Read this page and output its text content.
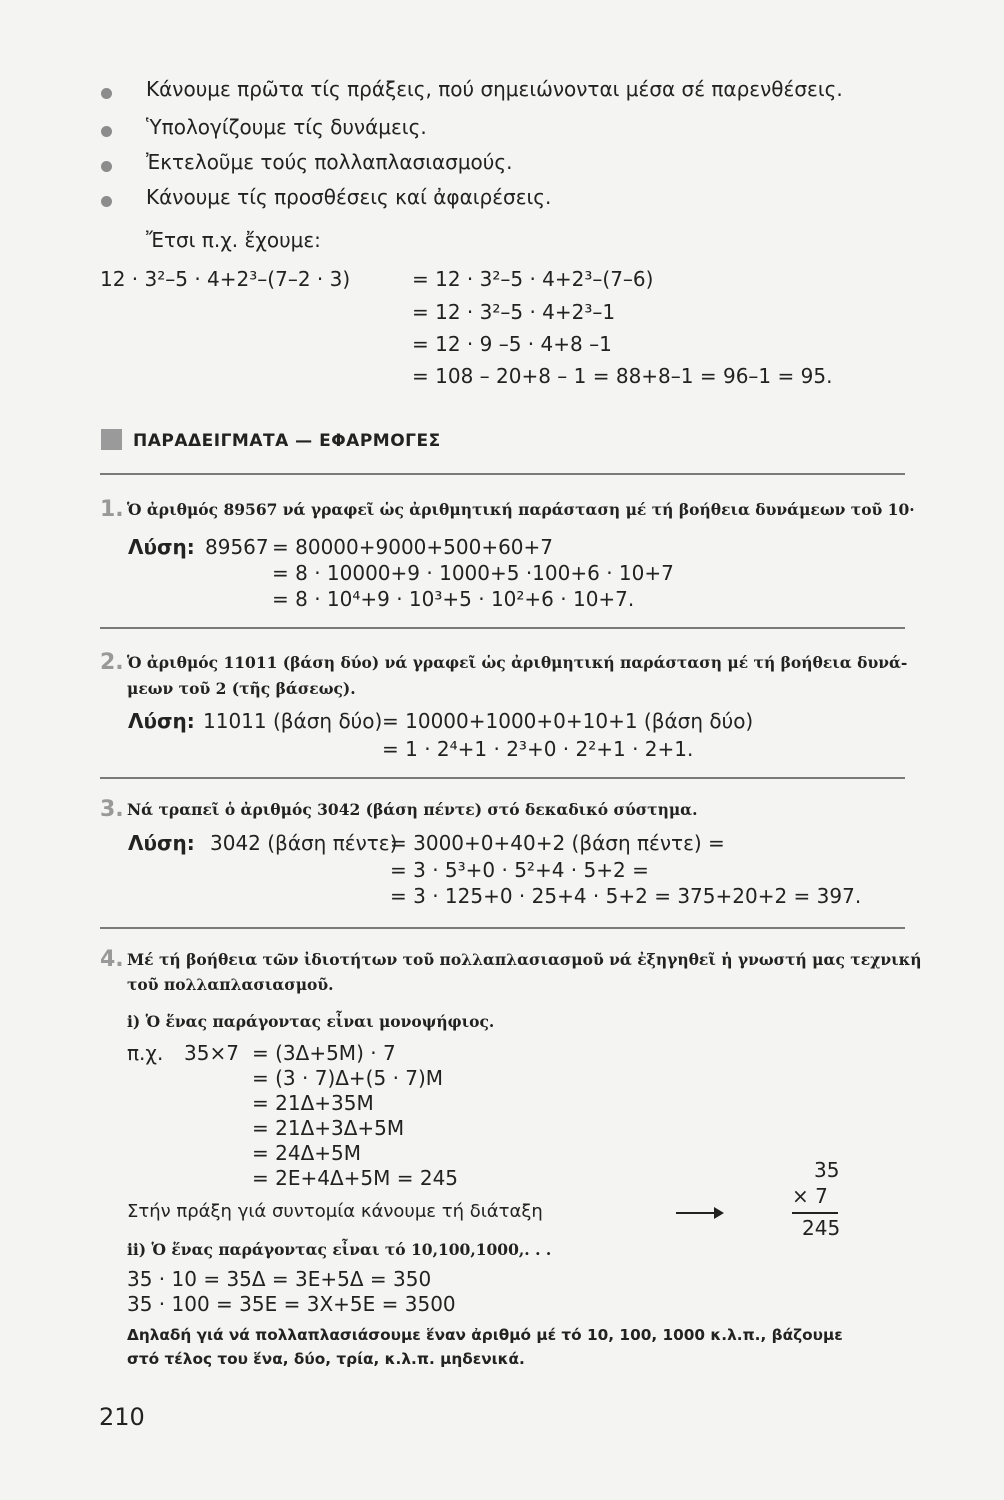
Κάνουμε πρῶτα τίς πράξεις, πού σημειώνονται μέσα σέ παρενθέσεις.
Ὑπολογίζουμε τίς δυνάμεις.
Ἐκτελοῦμε τούς πολλαπλασιασμούς.
Κάνουμε τίς προσθέσεις καί ἀφαιρέσεις.
Ἔτσι π.χ. ἔχουμε:
12 · 3²–5 · 4+2³–(7–2 · 3)	= 12 · 3²–5 · 4+2³–(7–6)
= 12 · 3²–5 · 4+2³–1
= 12 · 9 –5 · 4+8 –1
= 108 – 20+8 – 1 = 88+8–1 = 96–1 = 95.
ΠΑΡΑΔΕΙΓΜΑΤΑ — ΕΦΑΡΜΟΓΕΣ
1. Ὁ ἀριθμός 89567 νά γραφεῖ ὡς ἀριθμητική παράσταση μέ τή βοήθεια δυνάμεων τοῦ 10·
Λύση: 89567 = 80000+9000+500+60+7
= 8 · 10000+9 · 1000+5 ·100+6 · 10+7
= 8 · 10⁴+9 · 10³+5 · 10²+6 · 10+7.
2. Ὁ ἀριθμός 11011 (βάση δύο) νά γραφεῖ ὡς ἀριθμητική παράσταση μέ τή βοήθεια δυνά-
μεων τοῦ 2 (τῆς βάσεως).
Λύση: 11011 (βάση δύο) = 10000+1000+0+10+1 (βάση δύο)
= 1 · 2⁴+1 · 2³+0 · 2²+1 · 2+1.
3. Νά τραπεῖ ὁ ἀριθμός 3042 (βάση πέντε) στό δεκαδικό σύστημα.
Λύση: 3042 (βάση πέντε)
= 3000+0+40+2 (βάση πέντε) =
= 3 · 5³+0 · 5²+4 · 5+2 =
= 3 · 125+0 · 25+4 · 5+2 = 375+20+2 = 397.
4. Μέ τή βοήθεια τῶν ἰδιοτήτων τοῦ πολλαπλασιασμοῦ νά ἐξηγηθεῖ ἡ γνωστή μας τεχνική
τοῦ πολλαπλασιασμοῦ.
i) Ὁ ἕνας παράγοντας εἶναι μονοψήφιος.
π.χ. 35×7 = (3Δ+5Μ) · 7
= (3 · 7)Δ+(5 · 7)Μ
= 21Δ+35Μ
= 21Δ+3Δ+5Μ
= 24Δ+5Μ
= 2Ε+4Δ+5Μ = 245	35
× 7
245
Στήν πράξη γιά συντομία κάνουμε τή διάταξη
ii) Ὁ ἕνας παράγοντας εἶναι τό 10,100,1000,. . .
35 · 10 = 35Δ = 3Ε+5Δ = 350
35 · 100 = 35Ε = 3Χ+5Ε = 3500
Δηλαδή γιά νά πολλαπλασιάσουμε ἕναν ἀριθμό μέ τό 10, 100, 1000 κ.λ.π., βάζουμε
στό τέλος του ἕνα, δύο, τρία, κ.λ.π. μηδενικά.
210
